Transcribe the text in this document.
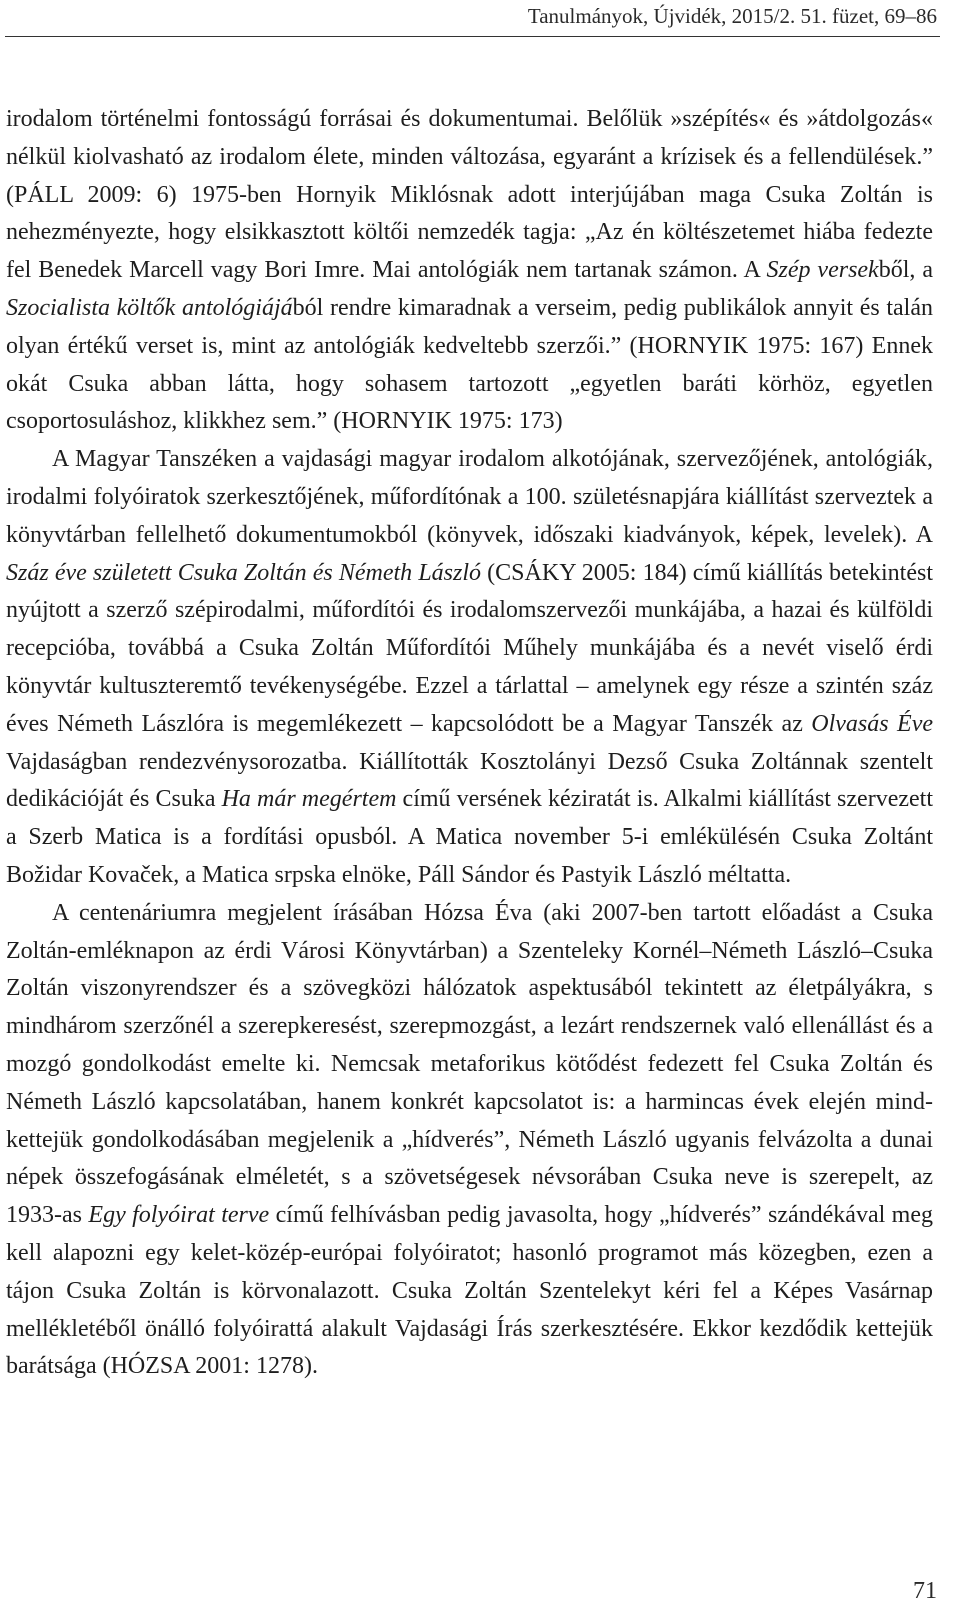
Tanulmányok, Újvidék, 2015/2. 51. füzet, 69–86

irodalom történelmi fontosságú forrásai és dokumentumai. Belőlük »szépítés« és »átdolgozás« nélkül kiolvasható az irodalom élete, minden változása, egyaránt a krízisek és a fellendülések.” (PÁLL 2009: 6) 1975-ben Hornyik Miklósnak adott interjújában maga Csuka Zoltán is nehezményezte, hogy elsikkasztott költői nemzedék tagja: „Az én költészetemet hiába fedezte fel Benedek Marcell vagy Bori Imre. Mai antológiák nem tartanak számon. A Szép versekből, a Szocialista költők antológiájából rendre kimaradnak a verseim, pedig publikálok annyit és talán olyan értékű verset is, mint az antológiák kedveltebb szerzői.” (HORNYIK 1975: 167) Ennek okát Csuka abban látta, hogy sohasem tartozott „egyetlen baráti körhöz, egyetlen csoportosuláshoz, klikkhez sem.” (HORNYIK 1975: 173)

A Magyar Tanszéken a vajdasági magyar irodalom alkotójának, szervezőjének, antológiák, irodalmi folyóiratok szerkesztőjének, műfordítónak a 100. születésnapjára kiállítást szerveztek a könyvtárban fellelhető dokumentumokból (könyvek, időszaki kiadványok, képek, levelek). A Száz éve született Csuka Zoltán és Németh László (CSÁKY 2005: 184) című kiállítás betekintést nyújtott a szerző szépirodalmi, műfordítói és irodalomszervezői munkájába, a hazai és külföldi recepcióba, továbbá a Csuka Zoltán Műfordítói Műhely munkájába és a nevét viselő érdi könyvtár kultuszteremtő tevékenységébe. Ezzel a tárlattal – amelynek egy része a szintén száz éves Németh Lászlóra is megemlékezett – kapcsolódott be a Magyar Tanszék az Olvasás Éve Vajdaságban rendezvénysorozatba. Kiállították Kosztolányi Dezső Csuka Zoltánnak szentelt dedikációját és Csuka Ha már megértem című versének kéziratát is. Alkalmi kiállítást szervezett a Szerb Matica is a fordítási opusból. A Matica november 5-i emlékülésén Csuka Zoltánt Božidar Kovaček, a Matica srpska elnöke, Páll Sándor és Pastyik László méltatta.

A centenáriumra megjelent írásában Hózsa Éva (aki 2007-ben tartott előadást a Csuka Zoltán-emléknapon az érdi Városi Könyvtárban) a Szenteleky Kornél–Németh László–Csuka Zoltán viszonyrendszer és a szövegközi hálózatok aspektusából tekintett az életpályákra, s mindhárom szerzőnél a szerepkeresést, szerepmozgást, a lezárt rendszernek való ellenállást és a mozgó gondolkodást emelte ki. Nemcsak metaforikus kötődést fedezett fel Csuka Zoltán és Németh László kapcsolatában, hanem konkrét kapcsolatot is: a harmincas évek elején mindkettejük gondolkodásában megjelenik a „hídverés”, Németh László ugyanis felvázolta a dunai népek összefogásának elméletét, s a szövetségesek névsorában Csuka neve is szerepelt, az 1933-as Egy folyóirat terve című felhívásban pedig javasolta, hogy „hídverés” szándékával meg kell alapozni egy kelet-közép-európai folyóiratot; hasonló programot más közegben, ezen a tájon Csuka Zoltán is körvonalazott. Csuka Zoltán Szentelekyt kéri fel a Képes Vasárnap mellékletéből önálló folyóirattá alakult Vajdasági Írás szerkesztésére. Ekkor kezdődik kettejük barátsága (HÓZSA 2001: 1278).

71
